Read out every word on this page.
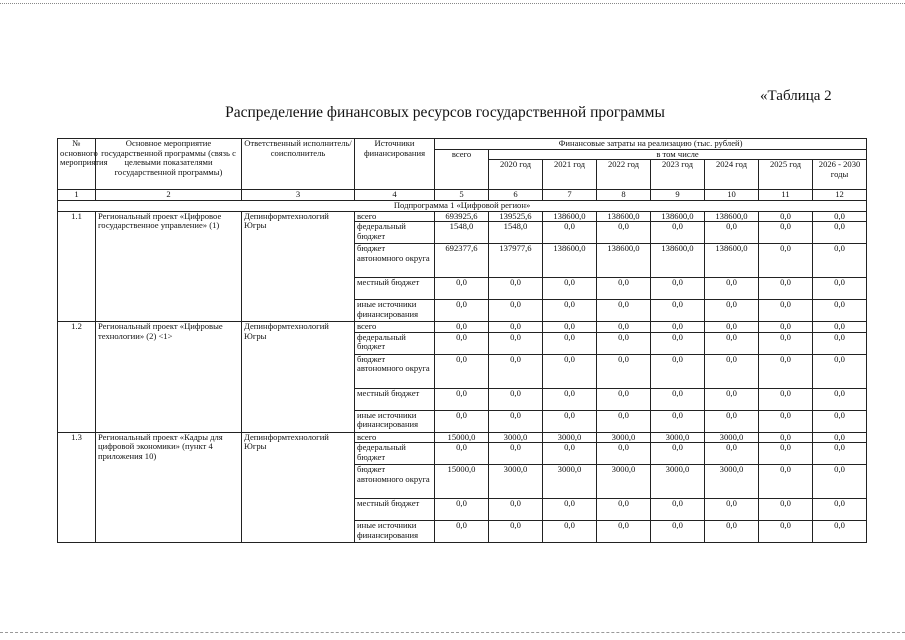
«Таблица 2
Распределение финансовых ресурсов государственной программы
№ основного мероприятия	Основное мероприятие государственной программы (связь с целевыми показателями государственной программы)	Ответственный исполнитель/соисполнитель	Источники финансирования	Финансовые затраты на реализацию (тыс. рублей)							
				всего	в том числе						
					2020 год	2021 год	2022 год	2023 год	2024 год	2025 год	2026 - 2030 годы
1	2	3	4	5	6	7	8	9	10	11	12
Подпрограмма 1 «Цифровой регион»											
1.1	Региональный проект «Цифровое государственное управление» (1)	Депинформтехнологий Югры	всего	693925,6	139525,6	138600,0	138600,0	138600,0	138600,0	0,0	0,0
			федеральный бюджет	1548,0	1548,0	0,0	0,0	0,0	0,0	0,0	0,0
			бюджет автономного округа	692377,6	137977,6	138600,0	138600,0	138600,0	138600,0	0,0	0,0
			местный бюджет	0,0	0,0	0,0	0,0	0,0	0,0	0,0	0,0
			иные источники финансирования	0,0	0,0	0,0	0,0	0,0	0,0	0,0	0,0
1.2	Региональный проект «Цифровые технологии» (2) <1>	Депинформтехнологий Югры	всего	0,0	0,0	0,0	0,0	0,0	0,0	0,0	0,0
			федеральный бюджет	0,0	0,0	0,0	0,0	0,0	0,0	0,0	0,0
			бюджет автономного округа	0,0	0,0	0,0	0,0	0,0	0,0	0,0	0,0
			местный бюджет	0,0	0,0	0,0	0,0	0,0	0,0	0,0	0,0
			иные источники финансирования	0,0	0,0	0,0	0,0	0,0	0,0	0,0	0,0
1.3	Региональный проект «Кадры для цифровой экономики» (пункт 4 приложения 10)	Депинформтехнологий Югры	всего	15000,0	3000,0	3000,0	3000,0	3000,0	3000,0	0,0	0,0
			федеральный бюджет	0,0	0,0	0,0	0,0	0,0	0,0	0,0	0,0
			бюджет автономного округа	15000,0	3000,0	3000,0	3000,0	3000,0	3000,0	0,0	0,0
			местный бюджет	0,0	0,0	0,0	0,0	0,0	0,0	0,0	0,0
			иные источники финансирования	0,0	0,0	0,0	0,0	0,0	0,0	0,0	0,0
